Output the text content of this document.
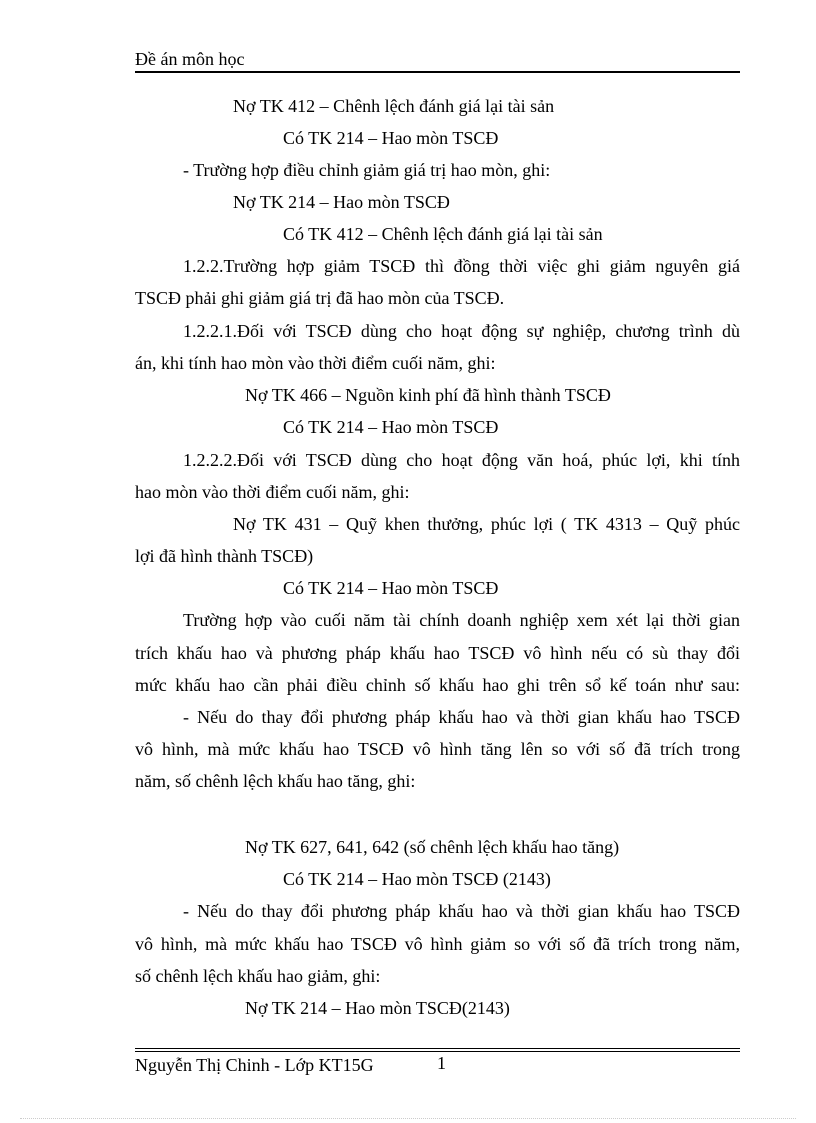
Đề án môn học
Nợ TK 412 – Chênh lệch đánh giá lại tài sản
Có TK 214 – Hao mòn TSCĐ
- Trường hợp điều chỉnh giảm giá trị hao mòn, ghi:
Nợ TK 214 – Hao mòn TSCĐ
Có TK 412 – Chênh lệch đánh giá lại tài sản
1.2.2.Trường hợp giảm TSCĐ thì đồng thời việc ghi giảm nguyên giá
TSCĐ phải ghi giảm giá trị đã hao mòn của TSCĐ.
1.2.2.1.Đối với TSCĐ dùng cho hoạt động sự nghiệp, chương trình dù
án, khi tính hao mòn vào thời điểm cuối năm, ghi:
Nợ TK 466 – Nguồn kinh phí đã hình thành TSCĐ
Có TK 214 – Hao mòn TSCĐ
1.2.2.2.Đối với TSCĐ dùng cho hoạt động văn hoá, phúc lợi, khi tính
hao mòn vào thời điểm cuối năm, ghi:
Nợ TK 431 – Quỹ khen thưởng, phúc lợi ( TK 4313 – Quỹ phúc
lợi đã hình thành TSCĐ)
Có TK 214 – Hao mòn TSCĐ
Trường hợp vào cuối năm tài chính doanh nghiệp xem xét lại thời gian
trích khấu hao và phương pháp khấu hao TSCĐ vô hình nếu có sù thay đổi
mức khấu hao cần phải điều chỉnh số khấu hao ghi trên sổ kế toán như sau:
- Nếu do thay đổi phương pháp khấu hao và thời gian khấu hao TSCĐ
vô hình, mà mức khấu hao TSCĐ vô hình tăng lên so với số đã trích trong
năm, số chênh lệch khấu hao tăng, ghi:
Nợ TK 627, 641, 642 (số chênh lệch khấu hao tăng)
Có TK 214 – Hao mòn TSCĐ (2143)
- Nếu do thay đổi phương pháp khấu hao và thời gian khấu hao TSCĐ
vô hình, mà mức khấu hao TSCĐ vô hình giảm so với số đã trích trong năm,
số chênh lệch khấu hao giảm, ghi:
Nợ TK 214 – Hao mòn TSCĐ(2143)
Nguyễn Thị Chinh - Lớp KT15G	1
